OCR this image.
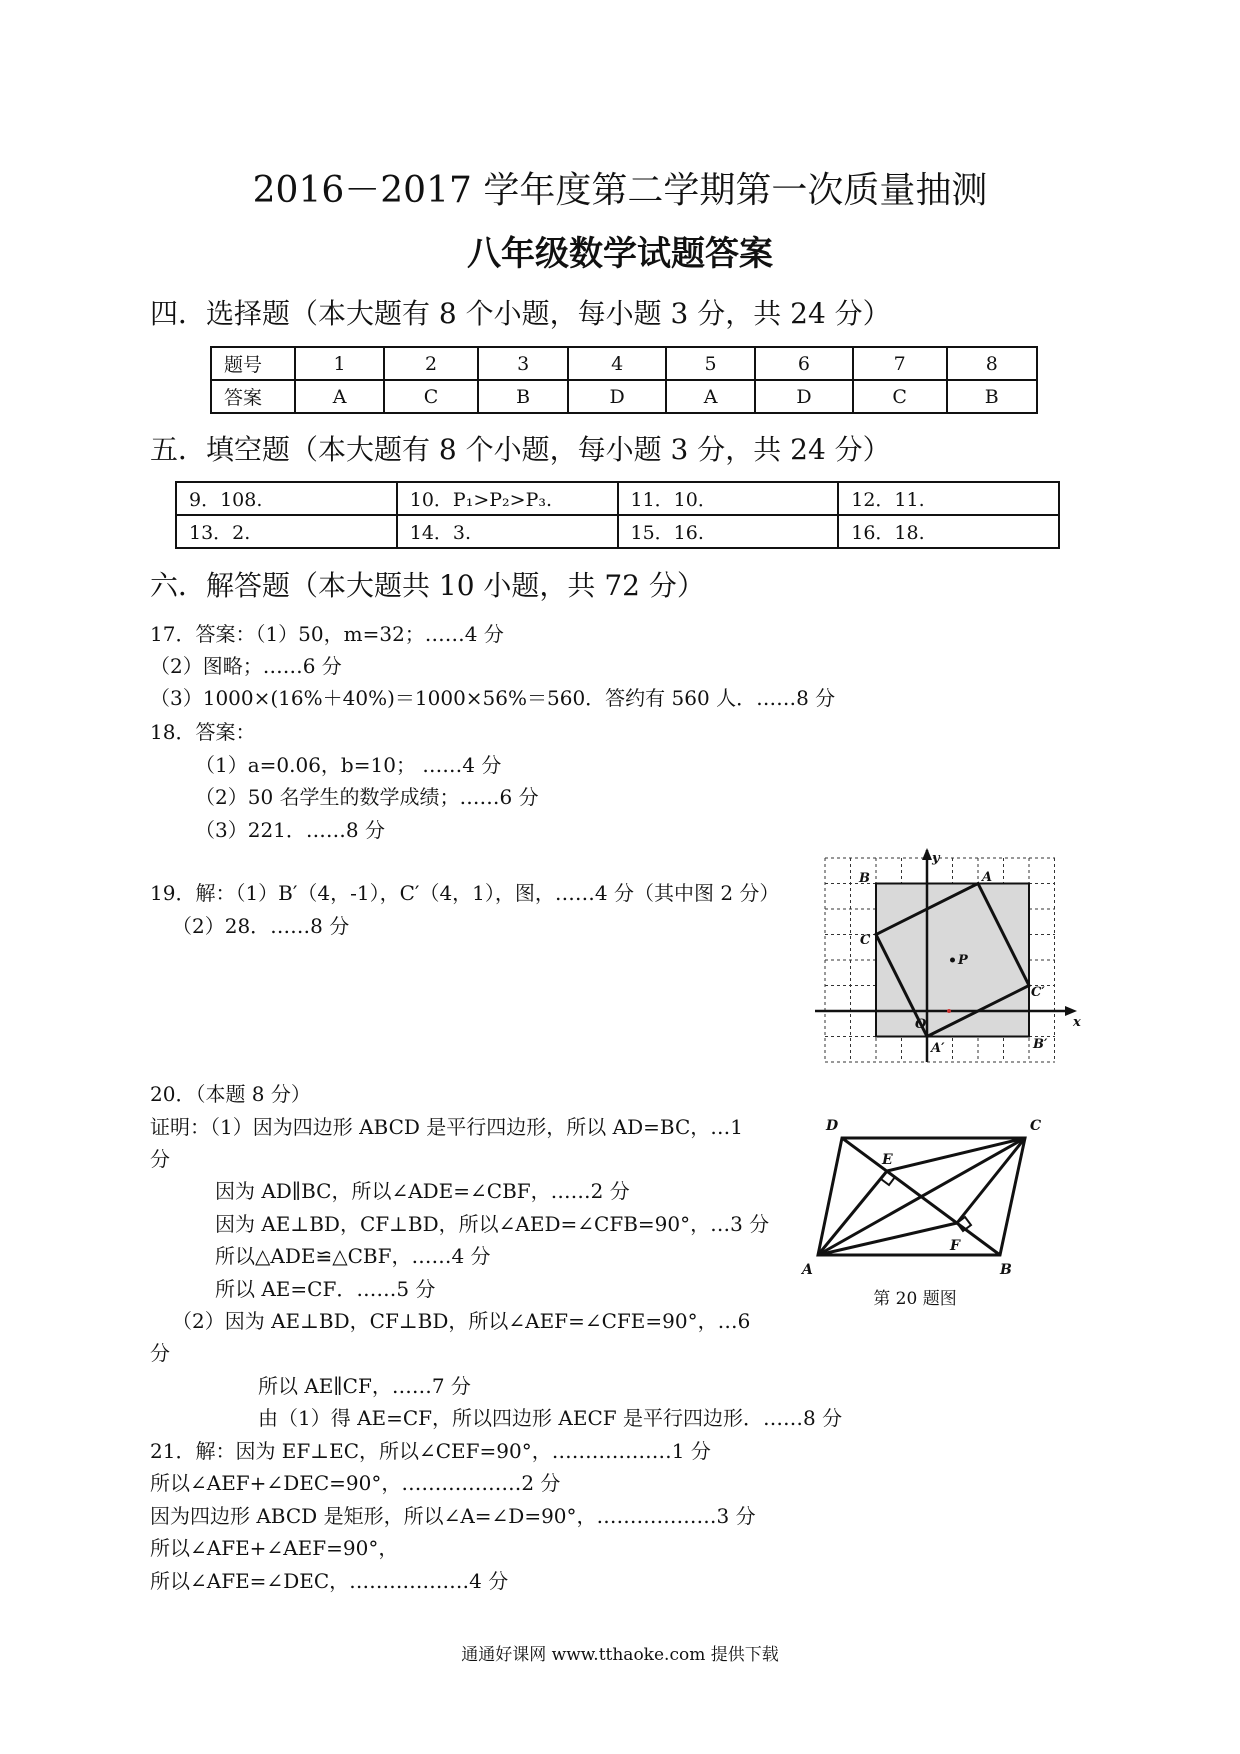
2016－2017 学年度第二学期第一次质量抽测
八年级数学试题答案
四．选择题（本大题有 8 个小题，每小题 3 分，共 24 分）
题号	1	2	3	4	5	6	7	8
答案	A	C	B	D	A	D	C	B
五．填空题（本大题有 8 个小题，每小题 3 分，共 24 分）
9．108.	10．P₁>P₂>P₃.	11．10．	12．11.
13．2.	14．3.	15．16.	16．18.
六．解答题（本大题共 10 小题，共 72 分）
17．答案：（1）50，m=32；……4 分
（2）图略；……6 分
（3）1000×(16%＋40%)＝1000×56%＝560．答约有 560 人．……8 分
18．答案：
（1）a=0.06，b=10； ……4 分
（2）50 名学生的数学成绩；……6 分
（3）221．……8 分
19．解：（1）B′（4，-1），C′（4，1），图，……4 分（其中图 2 分）
（2）28．……8 分
y
x
B	A
C
P
C′
O
A′	B′
20．（本题 8 分）
证明：（1）因为四边形 ABCD 是平行四边形，所以 AD=BC，…1
分
因为 AD∥BC，所以∠ADE=∠CBF，……2 分
因为 AE⊥BD，CF⊥BD，所以∠AED=∠CFB=90°，…3 分
所以△ADE≌△CBF，……4 分
所以 AE=CF．……5 分
（2）因为 AE⊥BD，CF⊥BD，所以∠AEF=∠CFE=90°，…6
分
所以 AE∥CF，……7 分
由（1）得 AE=CF，所以四边形 AECF 是平行四边形．……8 分
D	C
E
F
A	B
第 20 题图
21．解：因为 EF⊥EC，所以∠CEF=90°，………………1 分
所以∠AEF+∠DEC=90°，………………2 分
因为四边形 ABCD 是矩形，所以∠A=∠D=90°，………………3 分
所以∠AFE+∠AEF=90°，
所以∠AFE=∠DEC，………………4 分
通通好课网 www.tthaoke.com 提供下载
